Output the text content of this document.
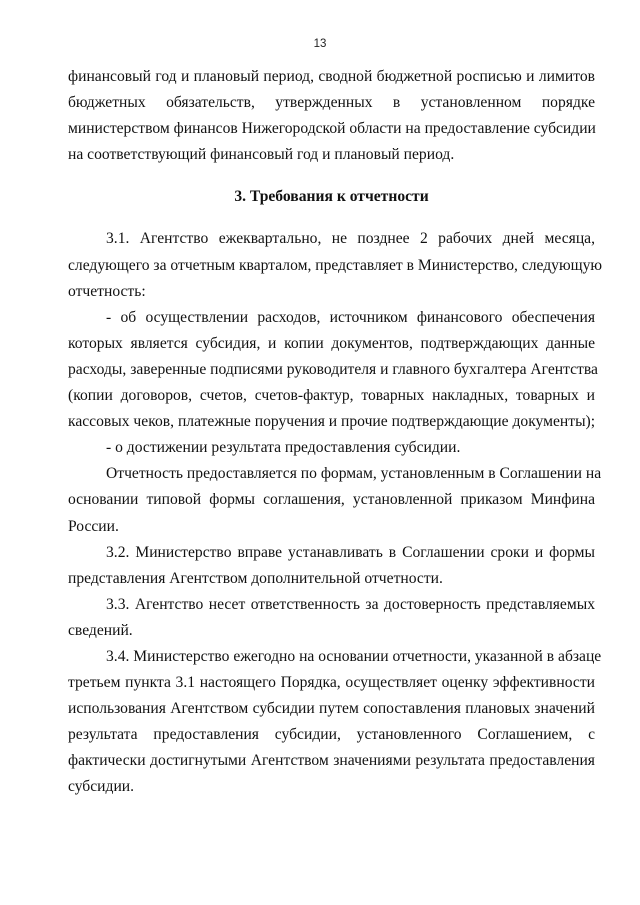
13
финансовый год и плановый период, сводной бюджетной росписью и лимитов
бюджетных обязательств, утвержденных в установленном порядке
министерством финансов Нижегородской области на предоставление субсидии
на соответствующий финансовый год и плановый период.
3. Требования к отчетности
3.1. Агентство ежеквартально, не позднее 2 рабочих дней месяца,
следующего за отчетным кварталом, представляет в Министерство, следующую
отчетность:
- об осуществлении расходов, источником финансового обеспечения
которых является субсидия, и копии документов, подтверждающих данные
расходы, заверенные подписями руководителя и главного бухгалтера Агентства
(копии договоров, счетов, счетов-фактур, товарных накладных, товарных и
кассовых чеков, платежные поручения и прочие подтверждающие документы);
- о достижении результата предоставления субсидии.
Отчетность предоставляется по формам, установленным в Соглашении на
основании типовой формы соглашения, установленной приказом Минфина
России.
3.2. Министерство вправе устанавливать в Соглашении сроки и формы
представления Агентством дополнительной отчетности.
3.3. Агентство несет ответственность за достоверность представляемых
сведений.
3.4. Министерство ежегодно на основании отчетности, указанной в абзаце
третьем пункта 3.1 настоящего Порядка, осуществляет оценку эффективности
использования Агентством субсидии путем сопоставления плановых значений
результата предоставления субсидии, установленного Соглашением, с
фактически достигнутыми Агентством значениями результата предоставления
субсидии.
